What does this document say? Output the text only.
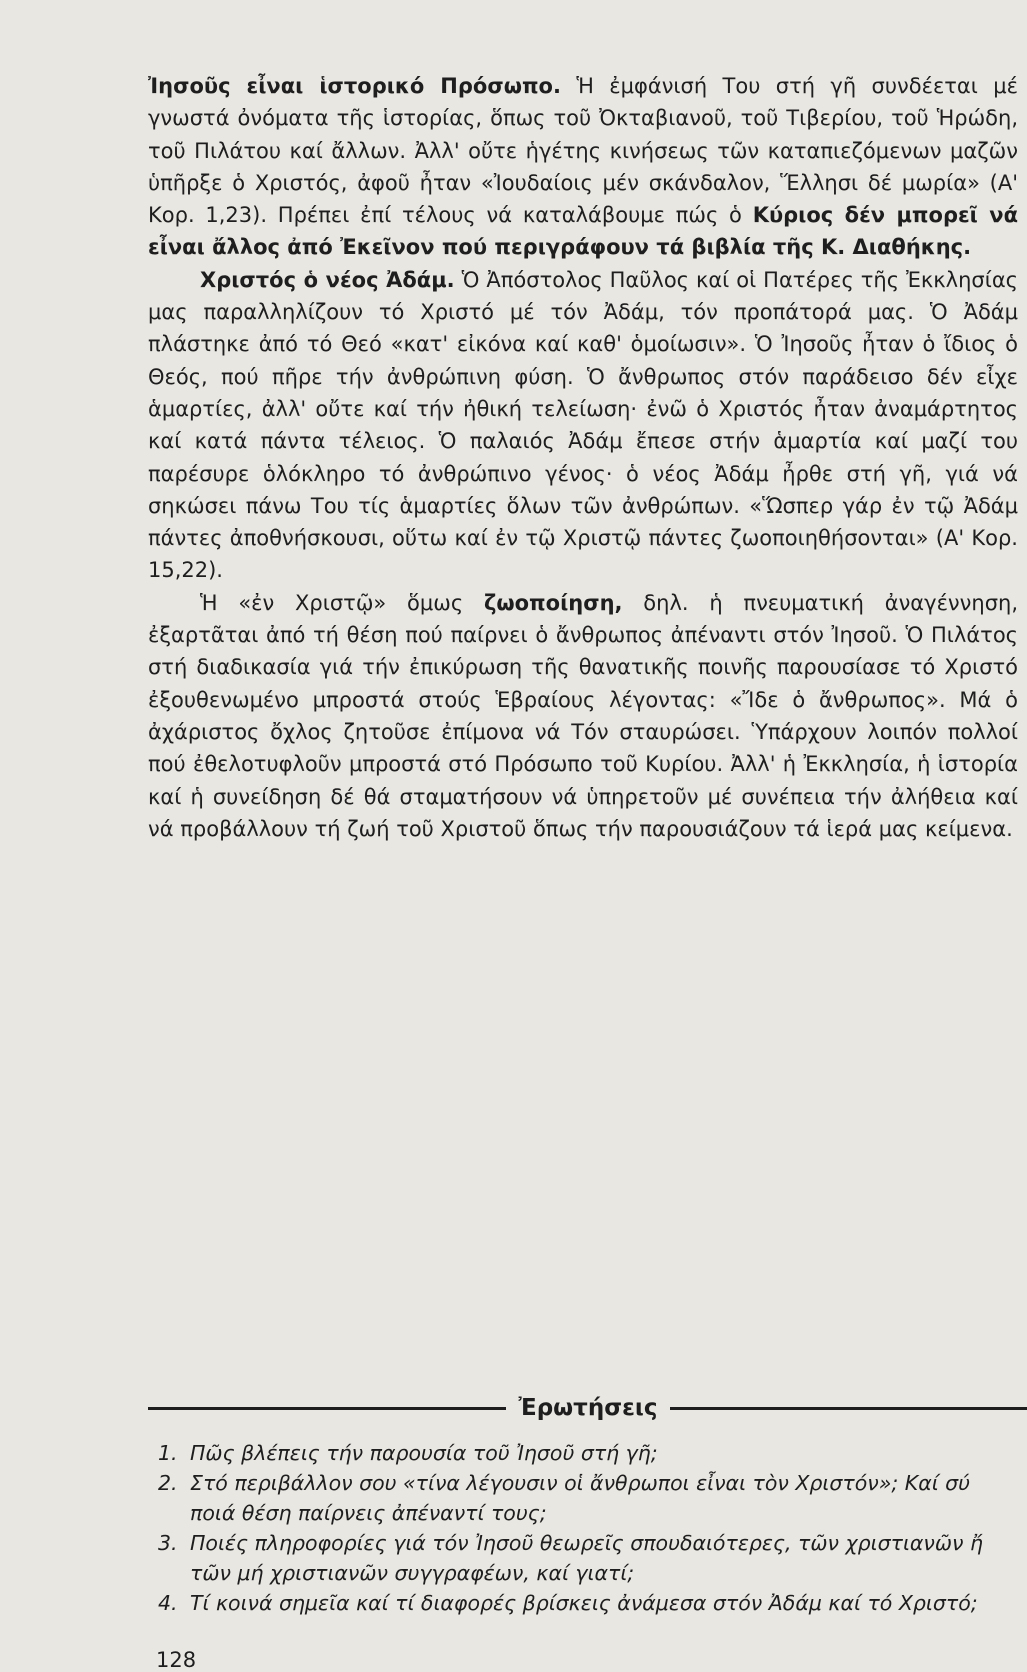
Ἰησοῦς εἶναι ἱστορικό Πρόσωπο. Ἡ ἐμφάνισή Του στή γῆ συνδέεται μέ γνωστά ὀνόματα τῆς ἱστορίας, ὅπως τοῦ Ὀκταβιανοῦ, τοῦ Τιβερίου, τοῦ Ἡρώδη, τοῦ Πιλάτου καί ἄλλων. Ἀλλ' οὔτε ἡγέτης κινήσεως τῶν καταπιεζόμενων μαζῶν ὑπῆρξε ὁ Χριστός, ἀφοῦ ἦταν «Ἰουδαίοις μέν σκάνδαλον, Ἕλλησι δέ μωρία» (Α' Κορ. 1,23). Πρέπει ἐπί τέλους νά καταλάβουμε πώς ὁ Κύριος δέν μπορεῖ νά εἶναι ἄλλος ἀπό Ἐκεῖνον πού περιγράφουν τά βιβλία τῆς Κ. Διαθήκης.

Χριστός ὁ νέος Ἀδάμ. Ὁ Ἀπόστολος Παῦλος καί οἱ Πατέρες τῆς Ἐκκλησίας μας παραλληλίζουν τό Χριστό μέ τόν Ἀδάμ, τόν προπάτορά μας. Ὁ Ἀδάμ πλάστηκε ἀπό τό Θεό «κατ' εἰκόνα καί καθ' ὁμοίωσιν». Ὁ Ἰησοῦς ἦταν ὁ ἴδιος ὁ Θεός, πού πῆρε τήν ἀνθρώπινη φύση. Ὁ ἄνθρωπος στόν παράδεισο δέν εἶχε ἁμαρτίες, ἀλλ' οὔτε καί τήν ἠθική τελείωση· ἐνῶ ὁ Χριστός ἦταν ἀναμάρτητος καί κατά πάντα τέλειος. Ὁ παλαιός Ἀδάμ ἔπεσε στήν ἁμαρτία καί μαζί του παρέσυρε ὁλόκληρο τό ἀνθρώπινο γένος· ὁ νέος Ἀδάμ ἦρθε στή γῆ, γιά νά σηκώσει πάνω Του τίς ἁμαρτίες ὅλων τῶν ἀνθρώπων. «Ὥσπερ γάρ ἐν τῷ Ἀδάμ πάντες ἀποθνήσκουσι, οὕτω καί ἐν τῷ Χριστῷ πάντες ζωοποιηθήσονται» (Α' Κορ. 15,22).

Ἡ «ἐν Χριστῷ» ὅμως ζωοποίηση, δηλ. ἡ πνευματική ἀναγέννηση, ἐξαρτᾶται ἀπό τή θέση πού παίρνει ὁ ἄνθρωπος ἀπέναντι στόν Ἰησοῦ. Ὁ Πιλάτος στή διαδικασία γιά τήν ἐπικύρωση τῆς θανατικῆς ποινῆς παρουσίασε τό Χριστό ἐξουθενωμένο μπροστά στούς Ἑβραίους λέγοντας: «Ἴδε ὁ ἄνθρωπος». Μά ὁ ἀχάριστος ὄχλος ζητοῦσε ἐπίμονα νά Τόν σταυρώσει. Ὑπάρχουν λοιπόν πολλοί πού ἐθελοτυφλοῦν μπροστά στό Πρόσωπο τοῦ Κυρίου. Ἀλλ' ἡ Ἐκκλησία, ἡ ἱστορία καί ἡ συνείδηση δέ θά σταματήσουν νά ὑπηρετοῦν μέ συνέπεια τήν ἀλήθεια καί νά προβάλλουν τή ζωή τοῦ Χριστοῦ ὅπως τήν παρουσιάζουν τά ἱερά μας κείμενα.

Ἐρωτήσεις
1. Πῶς βλέπεις τήν παρουσία τοῦ Ἰησοῦ στή γῆ;
2. Στό περιβάλλον σου «τίνα λέγουσιν οἱ ἄνθρωποι εἶναι τὸν Χριστόν»; Καί σύ ποιά θέση παίρνεις ἀπέναντί τους;
3. Ποιές πληροφορίες γιά τόν Ἰησοῦ θεωρεῖς σπουδαιότερες, τῶν χριστιανῶν ἤ τῶν μή χριστιανῶν συγγραφέων, καί γιατί;
4. Τί κοινά σημεῖα καί τί διαφορές βρίσκεις ἀνάμεσα στόν Ἀδάμ καί τό Χριστό;
128
